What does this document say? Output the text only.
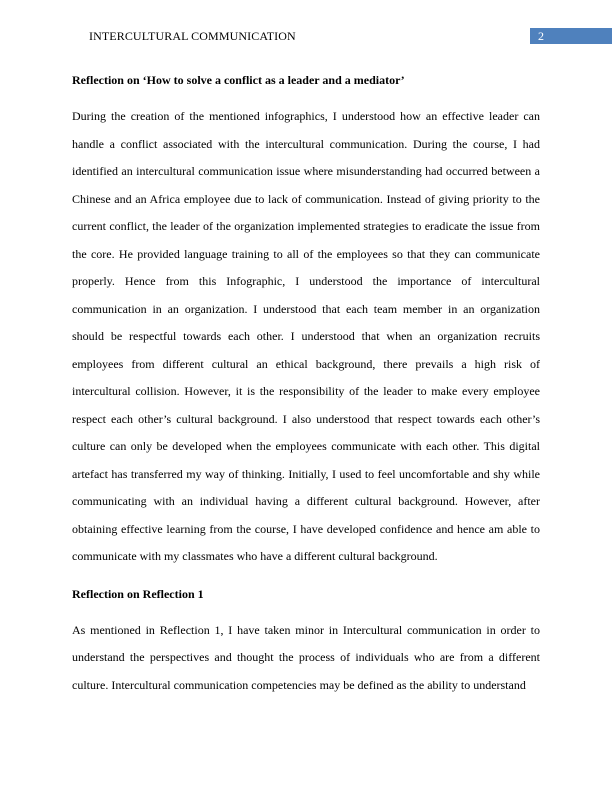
INTERCULTURAL COMMUNICATION	2
Reflection on ‘How to solve a conflict as a leader and a mediator’

During the creation of the mentioned infographics, I understood how an effective leader can handle a conflict associated with the intercultural communication. During the course, I had identified an intercultural communication issue where misunderstanding had occurred between a Chinese and an Africa employee due to lack of communication. Instead of giving priority to the current conflict, the leader of the organization implemented strategies to eradicate the issue from the core. He provided language training to all of the employees so that they can communicate properly. Hence from this Infographic, I understood the importance of intercultural communication in an organization. I understood that each team member in an organization should be respectful towards each other. I understood that when an organization recruits employees from different cultural an ethical background, there prevails a high risk of intercultural collision. However, it is the responsibility of the leader to make every employee respect each other’s cultural background. I also understood that respect towards each other’s culture can only be developed when the employees communicate with each other. This digital artefact has transferred my way of thinking. Initially, I used to feel uncomfortable and shy while communicating with an individual having a different cultural background. However, after obtaining effective learning from the course, I have developed confidence and hence am able to communicate with my classmates who have a different cultural background.

Reflection on Reflection 1

As mentioned in Reflection 1, I have taken minor in Intercultural communication in order to understand the perspectives and thought the process of individuals who are from a different culture. Intercultural communication competencies may be defined as the ability to understand
